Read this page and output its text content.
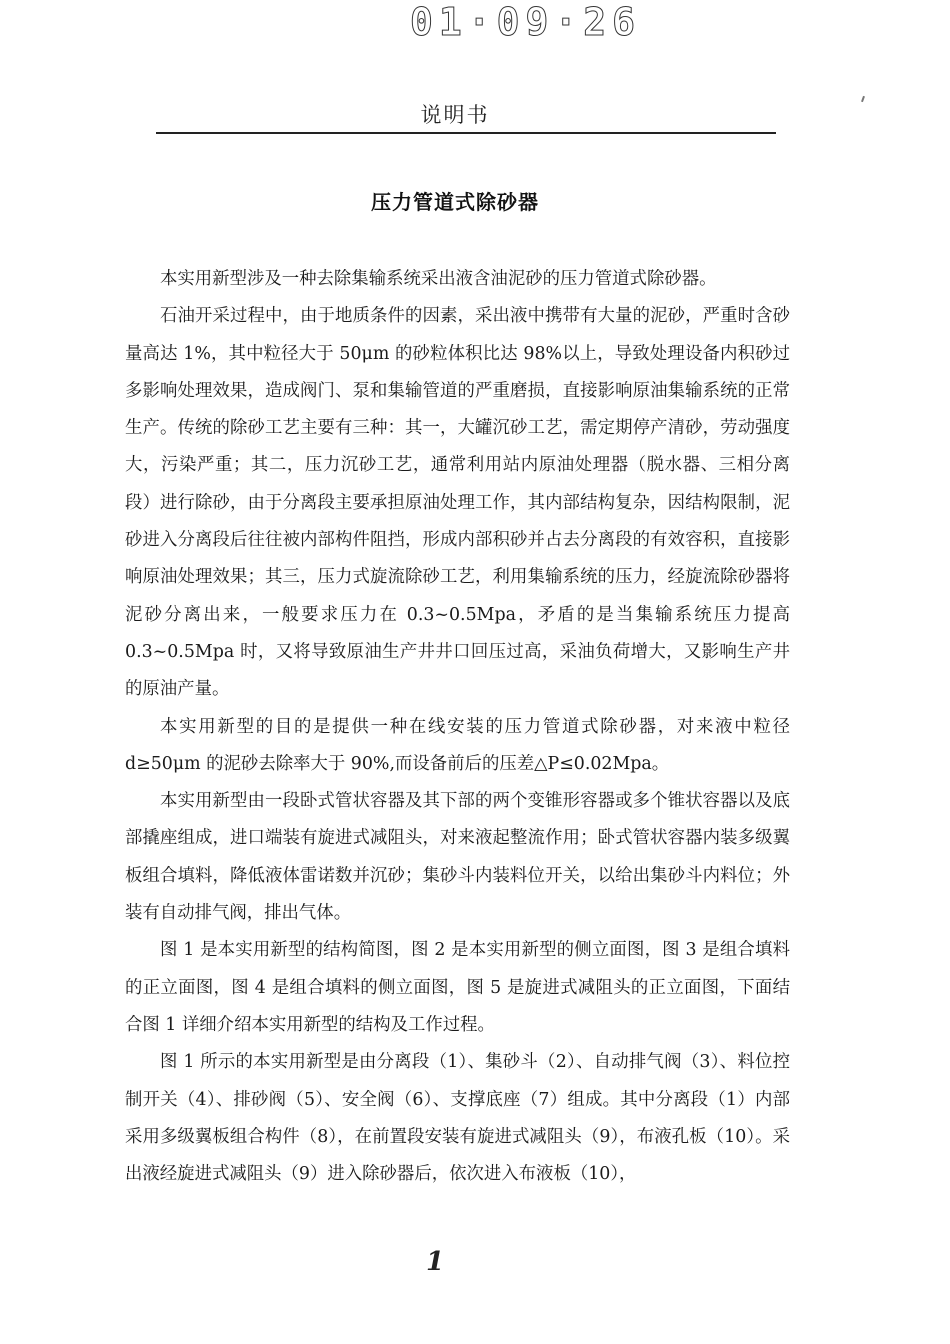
01·09·26
说明书
压力管道式除砂器

本实用新型涉及一种去除集输系统采出液含油泥砂的压力管道式除砂器。

石油开采过程中，由于地质条件的因素，采出液中携带有大量的泥砂，严重时含砂量高达 1%，其中粒径大于 50μm 的砂粒体积比达 98%以上，导致处理设备内积砂过多影响处理效果，造成阀门、泵和集输管道的严重磨损，直接影响原油集输系统的正常生产。传统的除砂工艺主要有三种：其一，大罐沉砂工艺，需定期停产清砂，劳动强度大，污染严重；其二，压力沉砂工艺，通常利用站内原油处理器（脱水器、三相分离段）进行除砂，由于分离段主要承担原油处理工作，其内部结构复杂，因结构限制，泥砂进入分离段后往往被内部构件阻挡，形成内部积砂并占去分离段的有效容积，直接影响原油处理效果；其三，压力式旋流除砂工艺，利用集输系统的压力，经旋流除砂器将泥砂分离出来，一般要求压力在 0.3~0.5Mpa，矛盾的是当集输系统压力提高 0.3~0.5Mpa 时，又将导致原油生产井井口回压过高，采油负荷增大，又影响生产井的原油产量。

本实用新型的目的是提供一种在线安装的压力管道式除砂器，对来液中粒径 d≥50μm 的泥砂去除率大于 90%,而设备前后的压差△P≤0.02Mpa。

本实用新型由一段卧式管状容器及其下部的两个变锥形容器或多个锥状容器以及底部撬座组成，进口端装有旋进式减阻头，对来液起整流作用；卧式管状容器内装多级翼板组合填料，降低液体雷诺数并沉砂；集砂斗内装料位开关，以给出集砂斗内料位；外装有自动排气阀，排出气体。

图 1 是本实用新型的结构简图，图 2 是本实用新型的侧立面图，图 3 是组合填料的正立面图，图 4 是组合填料的侧立面图，图 5 是旋进式减阻头的正立面图，下面结合图 1 详细介绍本实用新型的结构及工作过程。

图 1 所示的本实用新型是由分离段（1）、集砂斗（2）、自动排气阀（3）、料位控制开关（4）、排砂阀（5）、安全阀（6）、支撑底座（7）组成。其中分离段（1）内部采用多级翼板组合构件（8），在前置段安装有旋进式减阻头（9），布液孔板（10）。采出液经旋进式减阻头（9）进入除砂器后，依次进入布液板（10），

1
